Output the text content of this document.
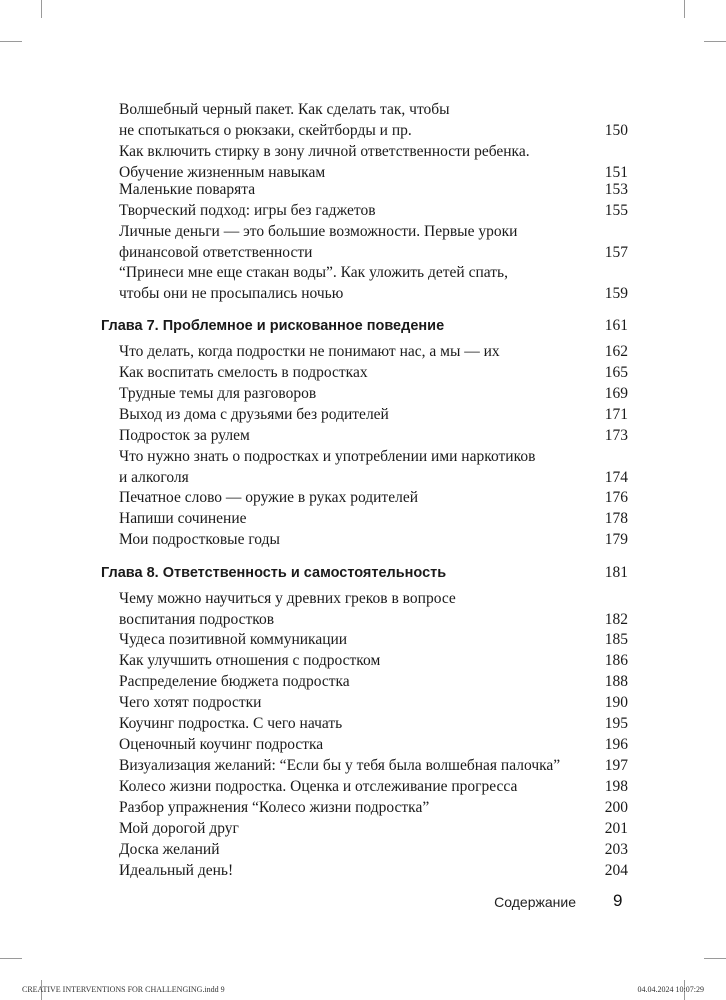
Волшебный черный пакет. Как сделать так, чтобы
не спотыкаться о рюкзаки, скейтборды и пр.	150
Как включить стирку в зону личной ответственности ребенка.
Обучение жизненным навыкам	151
Маленькие поварята	153
Творческий подход: игры без гаджетов	155
Личные деньги — это большие возможности. Первые уроки
финансовой ответственности	157
“Принеси мне еще стакан воды”. Как уложить детей спать,
чтобы они не просыпались ночью	159
Глава 7. Проблемное и рискованное поведение	161
Что делать, когда подростки не понимают нас, а мы — их	162
Как воспитать смелость в подростках	165
Трудные темы для разговоров	169
Выход из дома с друзьями без родителей	171
Подросток за рулем	173
Что нужно знать о подростках и употреблении ими наркотиков
и алкоголя	174
Печатное слово — оружие в руках родителей	176
Напиши сочинение	178
Мои подростковые годы	179
Глава 8. Ответственность и самостоятельность	181
Чему можно научиться у древних греков в вопросе
воспитания подростков	182
Чудеса позитивной коммуникации	185
Как улучшить отношения с подростком	186
Распределение бюджета подростка	188
Чего хотят подростки	190
Коучинг подростка. С чего начать	195
Оценочный коучинг подростка	196
Визуализация желаний: “Если бы у тебя была волшебная палочка”	197
Колесо жизни подростка. Оценка и отслеживание прогресса	198
Разбор упражнения “Колесо жизни подростка”	200
Мой дорогой друг	201
Доска желаний	203
Идеальный день!	204
Содержание 9
CREATIVE INTERVENTIONS FOR CHALLENGING.indd 9	04.04.2024 10:07:29
